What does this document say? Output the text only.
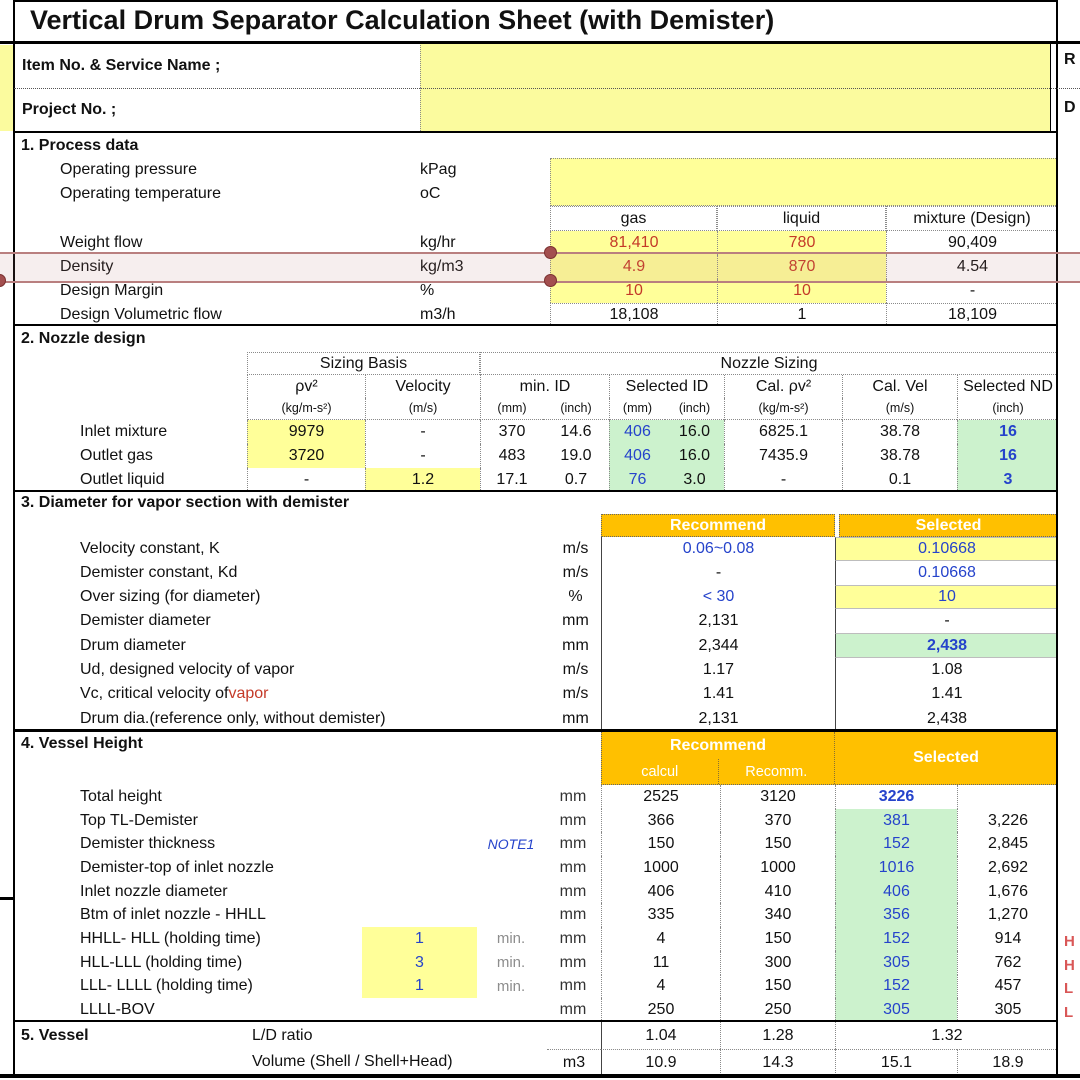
Vertical Drum Separator Calculation Sheet (with Demister)
Item No. & Service Name ;
Project No. ;
1. Process data
Operating pressure	kPag
Operating temperature	oC
gas	liquid	mixture (Design)
Weight flow	kg/hr	81,410	780	90,409
Density	kg/m3	4.9	870	4.54
Design Margin	%	10	10	-
Design Volumetric flow	m3/h	18,108	1	18,109
2. Nozzle design
Sizing Basis	Nozzle Sizing
ρv²	Velocity	min. ID	Selected ID	Cal. ρv²	Cal. Vel	Selected ND
(kg/m-s²)	(m/s)	(mm)	(inch)	(mm)	(inch)	(kg/m-s²)	(m/s)	(inch)
Inlet mixture	9979	-	370	14.6	406	16.0	6825.1	38.78	16
Outlet gas	3720	-	483	19.0	406	16.0	7435.9	38.78	16
Outlet liquid	-	1.2	17.1	0.7	76	3.0	-	0.1	3
3. Diameter for vapor section with demister
Recommend	Selected
Velocity constant, K	m/s	0.06~0.08	0.10668
Demister constant, Kd	m/s	-	0.10668
Over sizing (for diameter)	%	< 30	10
Demister diameter	mm	2,131	-
Drum diameter	mm	2,344	2,438
Ud, designed velocity of vapor	m/s	1.17	1.08
Vc, critical velocity of vapor	m/s	1.41	1.41
Drum dia.(reference only, without demister)	mm	2,131	2,438
4. Vessel Height	Recommend
calcul	Recomm.
Selected
Total height	mm	2525	3120	3226
Top TL-Demister	mm	366	370	381	3,226
Demister thickness	NOTE1	mm	150	150	152	2,845
Demister-top of inlet nozzle	mm	1000	1000	1016	2,692
Inlet nozzle diameter	mm	406	410	406	1,676
Btm of inlet nozzle - HHLL	mm	335	340	356	1,270
HHLL- HLL (holding time)	1	min.	mm	4	150	152	914
HLL-LLL (holding time)	3	min.	mm	11	300	305	762
LLL- LLLL (holding time)	1	min.	mm	4	150	152	457
LLLL-BOV	mm	250	250	305	305
5. Vessel	L/D ratio	1.04	1.28	1.32
Volume (Shell / Shell+Head)	m3	10.9	14.3	15.1	18.9
R
D
H
H
L
L
